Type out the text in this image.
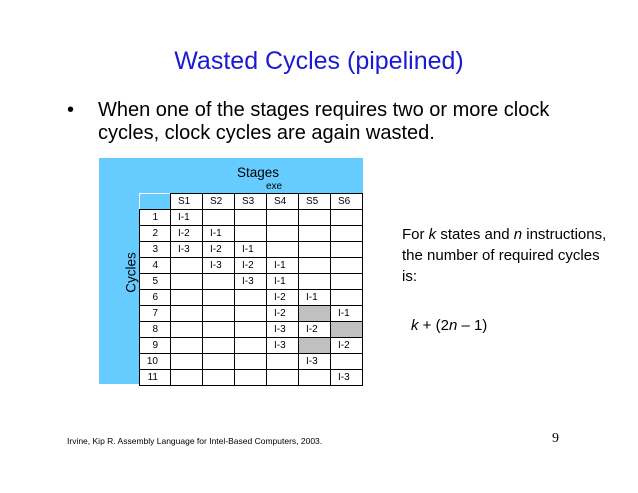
Wasted Cycles (pipelined)
• When one of the stages requires two or more clock cycles, clock cycles are again wasted.
Stages
exe
Cycles
	S1	S2	S3	S4	S5	S6
1	I-1					
2	I-2	I-1				
3	I-3	I-2	I-1			
4		I-3	I-2	I-1		
5			I-3	I-1		
6				I-2	I-1	
7				I-2		I-1
8				I-3	I-2	
9				I-3		I-2
10					I-3	
11						I-3
For k states and n instructions, the number of required cycles is:
k + (2n – 1)
Irvine, Kip R. Assembly Language for Intel-Based Computers, 2003.	9
